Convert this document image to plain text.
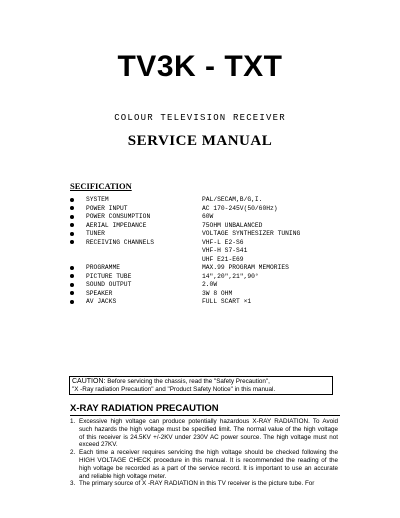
TV3K - TXT
COLOUR TELEVISION RECEIVER
SERVICE MANUAL
SECIFICATION
SYSTEM	PAL/SECAM,B/G,I.
POWER INPUT	AC 170-245V(50/60Hz)
POWER CONSUMPTION	60W
AERIAL IMPEDANCE	75OHM UNBALANCED
TUNER	VOLTAGE SYNTHESIZER TUNING
RECEIVING CHANNELS	VHF-L E2-S6
VHF-H S7-S41
UHF E21-E69
PROGRAMME	MAX.99 PROGRAM MEMORIES
PICTURE TUBE	14",20",21",90°
SOUND OUTPUT	2.0W
SPEAKER	3W 8 OHM
AV JACKS	FULL SCART ×1
CAUTION: Before servicing the chassis, read the "Safety Precaution",
"X -Ray radiation Precaution" and "Product Safety Notice" in this manual.
X-RAY RADIATION PRECAUTION
1. Excessive high voltage can produce potentially hazardous X-RAY RADIATION. To Avoid such hazards the high voltage must be specified limit. The normal value of the high voltage of this receiver is 24.5KV +/-2KV under 230V AC power source. The high voltage must not exceed 27KV.
2. Each time a receiver requires servicing the high voltage should be checked following the HIGH VOLTAGE CHECK procedure in this manual. It is recommended the reading of the high voltage be recorded as a part of the service record. It is important to use an accurate and reliable high voltage meter.
3. The primary source of X -RAY RADIATION in this TV receiver is the picture tube. For
